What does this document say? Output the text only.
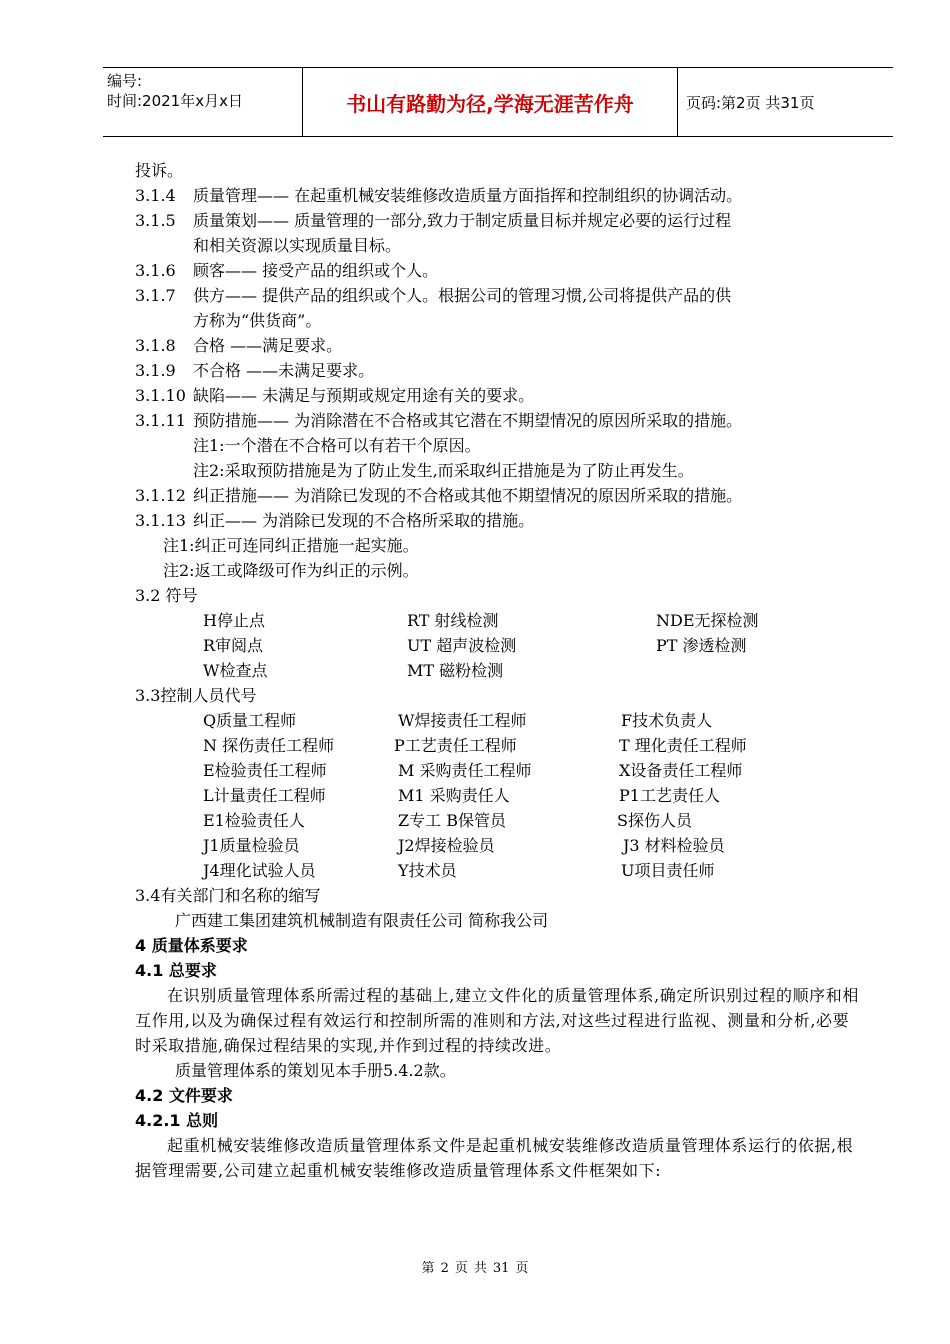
编号:
时间:2021年x月x日	书山有路勤为径,学海无涯苦作舟	页码:第2页 共31页
投诉。
3.1.4 质量管理—— 在起重机械安装维修改造质量方面指挥和控制组织的协调活动。
3.1.5 质量策划—— 质量管理的一部分,致力于制定质量目标并规定必要的运行过程
和相关资源以实现质量目标。
3.1.6 顾客—— 接受产品的组织或个人。
3.1.7 供方—— 提供产品的组织或个人。根据公司的管理习惯,公司将提供产品的供
方称为“供货商”。
3.1.8 合格 ——满足要求。
3.1.9 不合格 ——未满足要求。
3.1.10 缺陷—— 未满足与预期或规定用途有关的要求。
3.1.11 预防措施—— 为消除潜在不合格或其它潜在不期望情况的原因所采取的措施。
注1:一个潜在不合格可以有若干个原因。
注2:采取预防措施是为了防止发生,而采取纠正措施是为了防止再发生。
3.1.12 纠正措施—— 为消除已发现的不合格或其他不期望情况的原因所采取的措施。
3.1.13 纠正—— 为消除已发现的不合格所采取的措施。
注1:纠正可连同纠正措施一起实施。
注2:返工或降级可作为纠正的示例。
3.2 符号
H停止点	RT 射线检测	NDE无探检测
R审阅点	UT 超声波检测	PT 渗透检测
W检查点	MT 磁粉检测
3.3控制人员代号
Q质量工程师	W焊接责任工程师	F技术负责人
N 探伤责任工程师	P工艺责任工程师	T 理化责任工程师
E检验责任工程师	M 采购责任工程师	X设备责任工程师
L计量责任工程师	M1 采购责任人	P1工艺责任人
E1检验责任人	Z专工 B保管员	S探伤人员
J1质量检验员	J2焊接检验员	J3 材料检验员
J4理化试验人员	Y技术员	U项目责任师
3.4有关部门和名称的缩写
广西建工集团建筑机械制造有限责任公司 简称我公司
4 质量体系要求
4.1 总要求
在识别质量管理体系所需过程的基础上,建立文件化的质量管理体系,确定所识别过程的顺序和相互作用,以及为确保过程有效运行和控制所需的准则和方法,对这些过程进行监视、测量和分析,必要时采取措施,确保过程结果的实现,并作到过程的持续改进。
质量管理体系的策划见本手册5.4.2款。
4.2 文件要求
4.2.1 总则
起重机械安装维修改造质量管理体系文件是起重机械安装维修改造质量管理体系运行的依据,根据管理需要,公司建立起重机械安装维修改造质量管理体系文件框架如下:
第 2 页 共 31 页
